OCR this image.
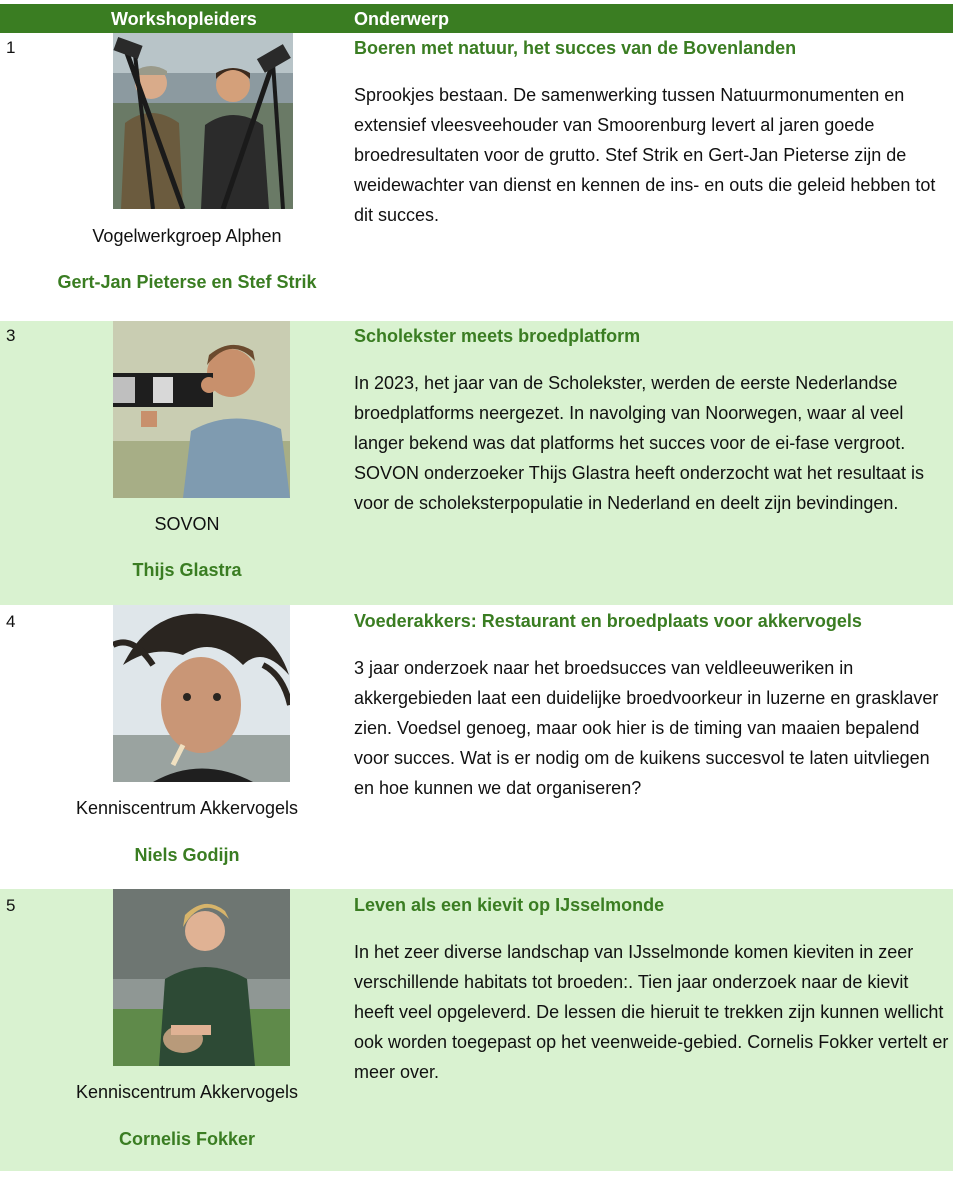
Workshopleiders	Onderwerp
1
Vogelwerkgroep Alphen
Gert-Jan Pieterse en Stef Strik
Boeren met natuur, het succes van de Bovenlanden
Sprookjes bestaan. De samenwerking tussen Natuurmonumenten en extensief vleesveehouder van Smoorenburg levert al jaren goede broedresultaten voor de grutto. Stef Strik en Gert-Jan Pieterse zijn de weidewachter van dienst en kennen de ins- en outs die geleid hebben tot dit succes.
3
SOVON
Thijs Glastra
Scholekster meets broedplatform
In 2023, het jaar van de Scholekster, werden de eerste Nederlandse broedplatforms neergezet. In navolging van Noorwegen, waar al veel langer bekend was dat platforms het succes voor de ei-fase vergroot. SOVON onderzoeker Thijs Glastra heeft onderzocht wat het resultaat is voor de scholeksterpopulatie in Nederland en deelt zijn bevindingen.
4
Kenniscentrum Akkervogels
Niels Godijn
Voederakkers: Restaurant en broedplaats voor akkervogels
3 jaar onderzoek naar het broedsucces van veldleeuweriken in akkergebieden laat een duidelijke broedvoorkeur in luzerne en grasklaver zien. Voedsel genoeg, maar ook hier is de timing van maaien bepalend voor succes. Wat is er nodig om de kuikens succesvol te laten uitvliegen en hoe kunnen we dat organiseren?
5
Kenniscentrum Akkervogels
Cornelis Fokker
Leven als een kievit op IJsselmonde
In het zeer diverse landschap van IJsselmonde komen kieviten in zeer verschillende habitats tot broeden:. Tien jaar onderzoek naar de kievit heeft veel opgeleverd. De lessen die hieruit te trekken zijn kunnen wellicht ook worden toegepast op het veenweide-gebied. Cornelis Fokker vertelt er meer over.
